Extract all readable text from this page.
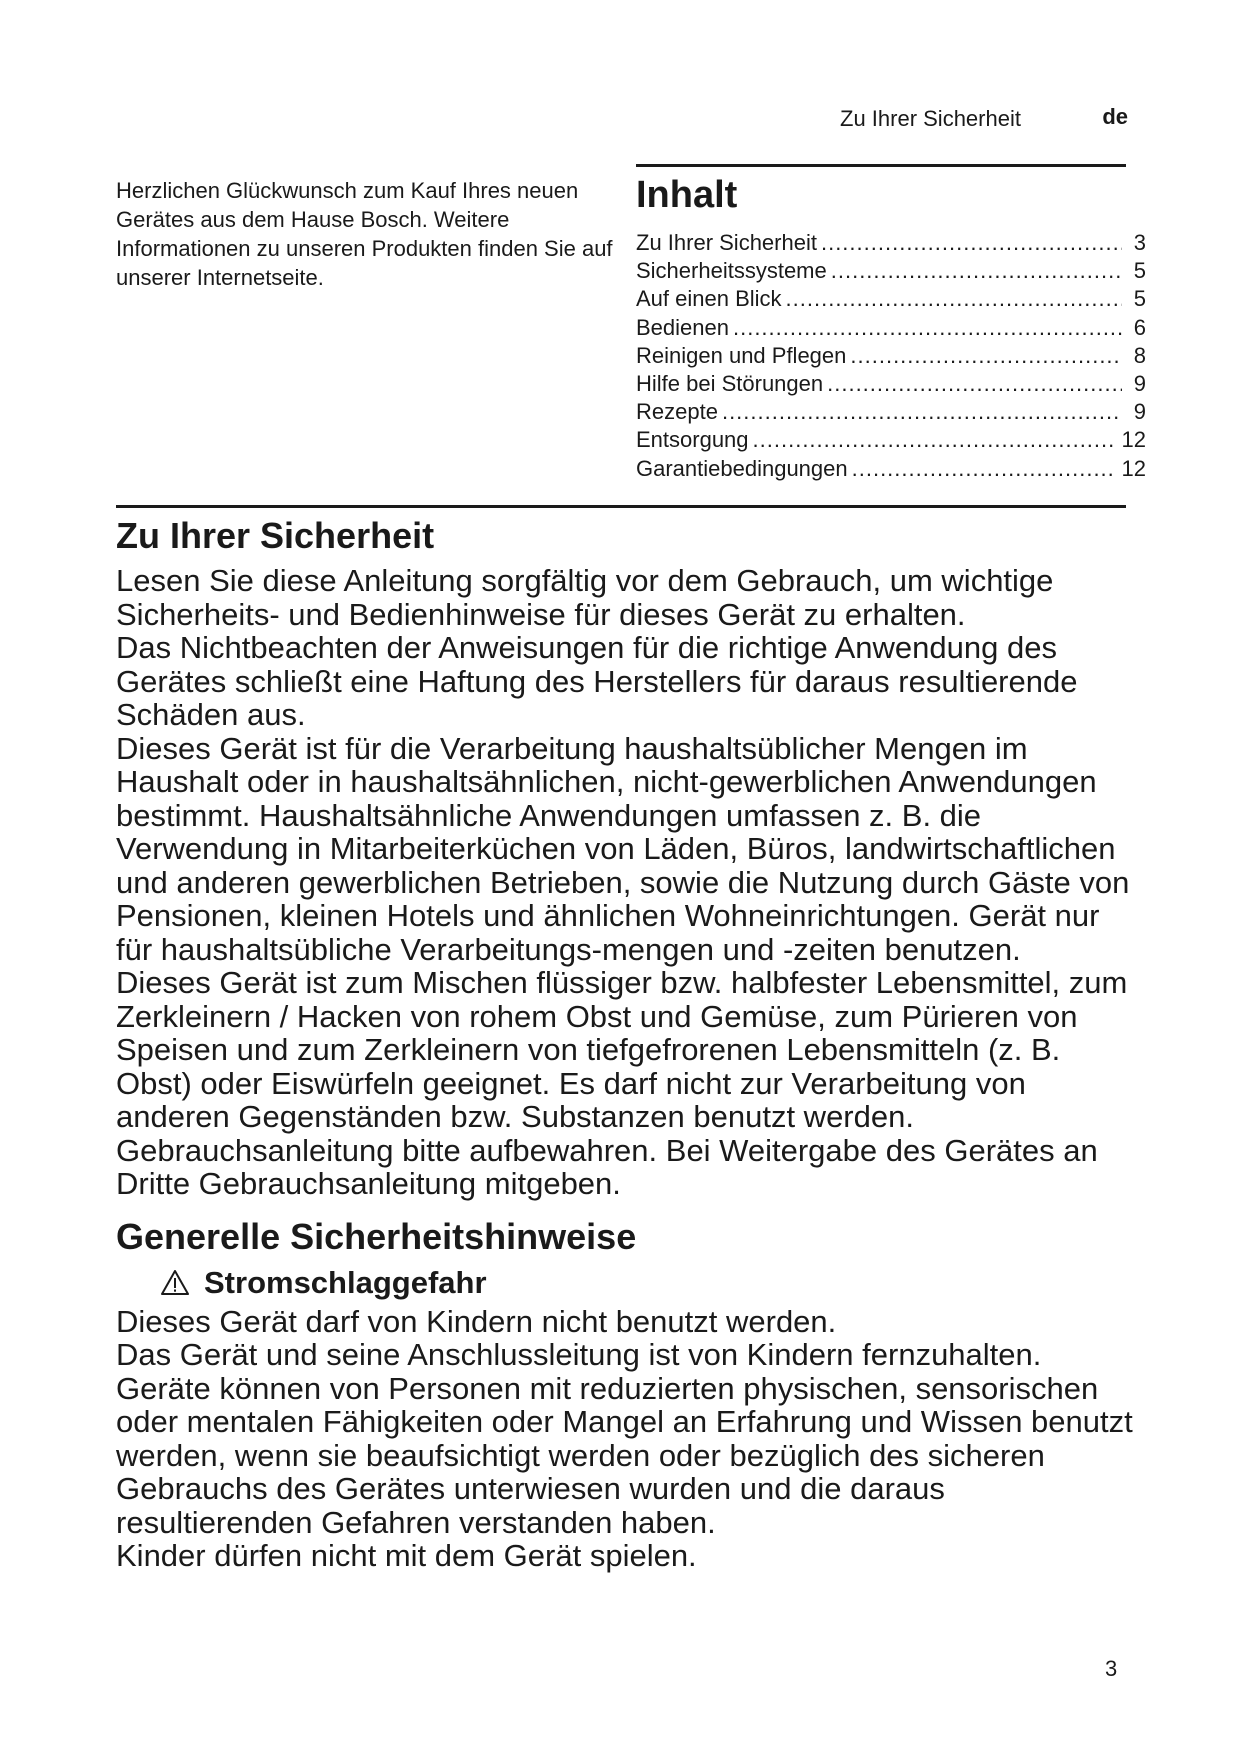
Zu Ihrer Sicherheit	de
Herzlichen Glückwunsch zum Kauf Ihres neuen Gerätes aus dem Hause Bosch. Weitere Informationen zu unseren Produkten finden Sie auf unserer Internetseite.
Inhalt
Zu Ihrer Sicherheit .....	3
Sicherheitssysteme .....	5
Auf einen Blick .....	5
Bedienen .....	6
Reinigen und Pflegen .....	8
Hilfe bei Störungen .....	9
Rezepte .....	9
Entsorgung .....	12
Garantiebedingungen .....	12
Zu Ihrer Sicherheit

Lesen Sie diese Anleitung sorgfältig vor dem Gebrauch, um wichtige Sicherheits- und Bedienhinweise für dieses Gerät zu erhalten.

Das Nichtbeachten der Anweisungen für die richtige Anwendung des Gerätes schließt eine Haftung des Herstellers für daraus resultierende Schäden aus.

Dieses Gerät ist für die Verarbeitung haushaltsüblicher Mengen im Haushalt oder in haushaltsähnlichen, nicht-gewerblichen Anwendungen bestimmt. Haushaltsähnliche Anwendungen umfassen z. B. die Verwendung in Mitarbeiterküchen von Läden, Büros, landwirtschaftlichen und anderen gewerblichen Betrieben, sowie die Nutzung durch Gäste von Pensionen, kleinen Hotels und ähnlichen Wohneinrichtungen. Gerät nur für haushaltsübliche Verarbeitungs-mengen und -zeiten benutzen.

Dieses Gerät ist zum Mischen flüssiger bzw. halbfester Lebensmittel, zum Zerkleinern / Hacken von rohem Obst und Gemüse, zum Pürieren von Speisen und zum Zerkleinern von tiefgefrorenen Lebensmitteln (z. B. Obst) oder Eiswürfeln geeignet. Es darf nicht zur Verarbeitung von anderen Gegenständen bzw. Substanzen benutzt werden.

Gebrauchsanleitung bitte aufbewahren. Bei Weitergabe des Gerätes an Dritte Gebrauchsanleitung mitgeben.

Generelle Sicherheitshinweise
Stromschlaggefahr

Dieses Gerät darf von Kindern nicht benutzt werden.

Das Gerät und seine Anschlussleitung ist von Kindern fernzuhalten.

Geräte können von Personen mit reduzierten physischen, sensorischen oder mentalen Fähigkeiten oder Mangel an Erfahrung und Wissen benutzt werden, wenn sie beaufsichtigt werden oder bezüglich des sicheren Gebrauchs des Gerätes unterwiesen wurden und die daraus resultierenden Gefahren verstanden haben.

Kinder dürfen nicht mit dem Gerät spielen.

3
